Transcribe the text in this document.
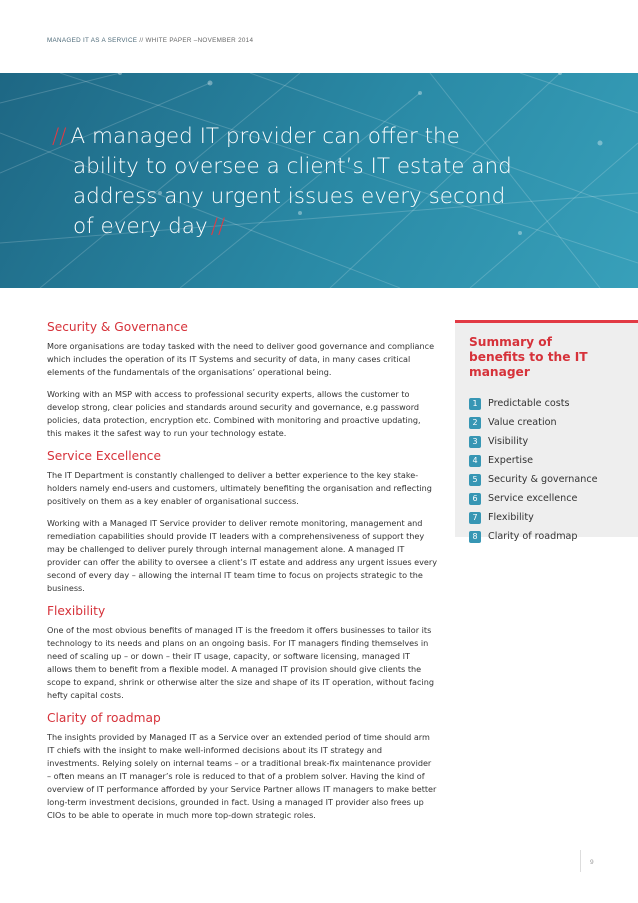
MANAGED IT AS A SERVICE // WHITE PAPER –NOVEMBER 2014
// A managed IT provider can offer the
ability to oversee a client’s IT estate and
address any urgent issues every second
of every day //
Security & Governance

More organisations are today tasked with the need to deliver good governance and compliance which includes the operation of its IT Systems and security of data, in many cases critical elements of the fundamentals of the organisations’ operational being.

Working with an MSP with access to professional security experts, allows the customer to develop strong, clear policies and standards around security and governance, e.g password policies, data protection, encryption etc. Combined with monitoring and proactive updating, this makes it the safest way to run your technology estate.

Service Excellence

The IT Department is constantly challenged to deliver a better experience to the key stake-holders namely end-users and customers, ultimately benefiting the organisation and reflecting positively on them as a key enabler of organisational success.

Working with a Managed IT Service provider to deliver remote monitoring, management and remediation capabilities should provide IT leaders with a comprehensiveness of support they may be challenged to deliver purely through internal management alone. A managed IT provider can offer the ability to oversee a client’s IT estate and address any urgent issues every second of every day – allowing the internal IT team time to focus on projects strategic to the business.

Flexibility

One of the most obvious benefits of managed IT is the freedom it offers businesses to tailor its technology to its needs and plans on an ongoing basis. For IT managers finding themselves in need of scaling up – or down – their IT usage, capacity, or software licensing, managed IT allows them to benefit from a flexible model. A managed IT provision should give clients the scope to expand, shrink or otherwise alter the size and shape of its IT operation, without facing hefty capital costs.

Clarity of roadmap

The insights provided by Managed IT as a Service over an extended period of time should arm IT chiefs with the insight to make well-informed decisions about its IT strategy and investments. Relying solely on internal teams – or a traditional break-fix maintenance provider – often means an IT manager’s role is reduced to that of a problem solver. Having the kind of overview of IT performance afforded by your Service Partner allows IT managers to make better long-term investment decisions, grounded in fact. Using a managed IT provider also frees up CIOs to be able to operate in much more top-down strategic roles.

Summary of benefits to the IT manager
1	Predictable costs
2	Value creation
3	Visibility
4	Expertise
5	Security & governance
6	Service excellence
7	Flexibility
8	Clarity of roadmap
9
